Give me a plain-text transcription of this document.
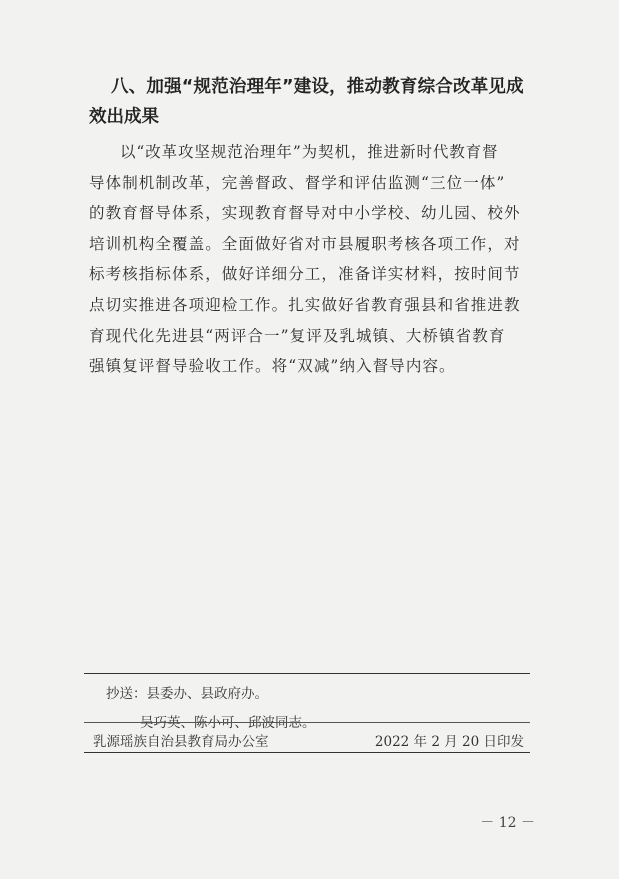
八、加强“规范治理年”建设，推动教育综合改革见成
效出成果
以“改革攻坚规范治理年”为契机，推进新时代教育督
导体制机制改革，完善督政、督学和评估监测“三位一体”
的教育督导体系，实现教育督导对中小学校、幼儿园、校外
培训机构全覆盖。全面做好省对市县履职考核各项工作，对
标考核指标体系，做好详细分工，准备详实材料，按时间节
点切实推进各项迎检工作。扎实做好省教育强县和省推进教
育现代化先进县“两评合一”复评及乳城镇、大桥镇省教育
强镇复评督导验收工作。将“双减”纳入督导内容。
抄送：县委办、县政府办。
吴巧英、陈小可、邱波同志。
乳源瑶族自治县教育局办公室	2022 年 2 月 20 日印发
－ 12 －
